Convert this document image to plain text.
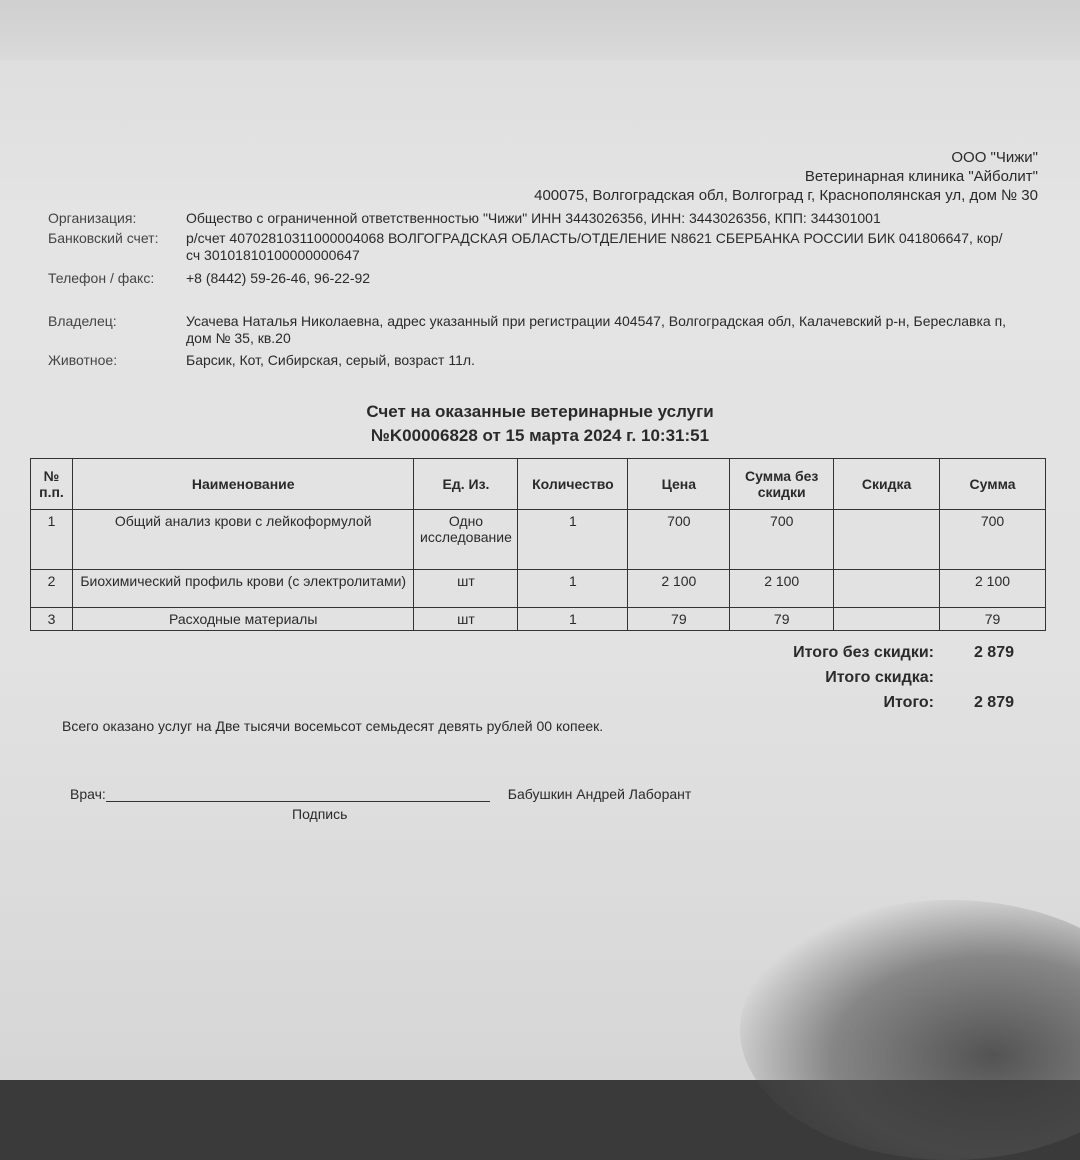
ООО "Чижи"
Ветеринарная клиника "Айболит"
400075, Волгоградская обл, Волгоград г, Краснополянская ул, дом № 30
Организация:	Общество с ограниченной ответственностью "Чижи" ИНН 3443026356, ИНН: 3443026356, КПП: 344301001
Банковский счет:	р/счет 40702810311000004068 ВОЛГОГРАДСКАЯ ОБЛАСТЬ/ОТДЕЛЕНИЕ N8621 СБЕРБАНКА РОССИИ БИК 041806647, кор/сч 30101810100000000647
Телефон / факс:	+8 (8442) 59-26-46, 96-22-92
Владелец:	Усачева Наталья Николаевна, адрес указанный при регистрации 404547, Волгоградская обл, Калачевский р-н, Береславка п, дом № 35, кв.20
Животное:	Барсик, Кот, Сибирская, серый, возраст 11л.
Счет на оказанные ветеринарные услуги
№K00006828 от 15 марта 2024 г. 10:31:51
№ п.п.	Наименование	Ед. Из.	Количество	Цена	Сумма без скидки	Скидка	Сумма
1	Общий анализ крови с лейкоформулой	Одно исследование	1	700	700		700
2	Биохимический профиль крови (с электролитами)	шт	1	2 100	2 100		2 100
3	Расходные материалы	шт	1	79	79		79
Итого без скидки:	2 879
Итого скидка:
Итого:	2 879
Всего оказано услуг на Две тысячи восемьсот семьдесят девять рублей 00 копеек.
Врач:	Бабушкин Андрей Лаборант
Подпись
